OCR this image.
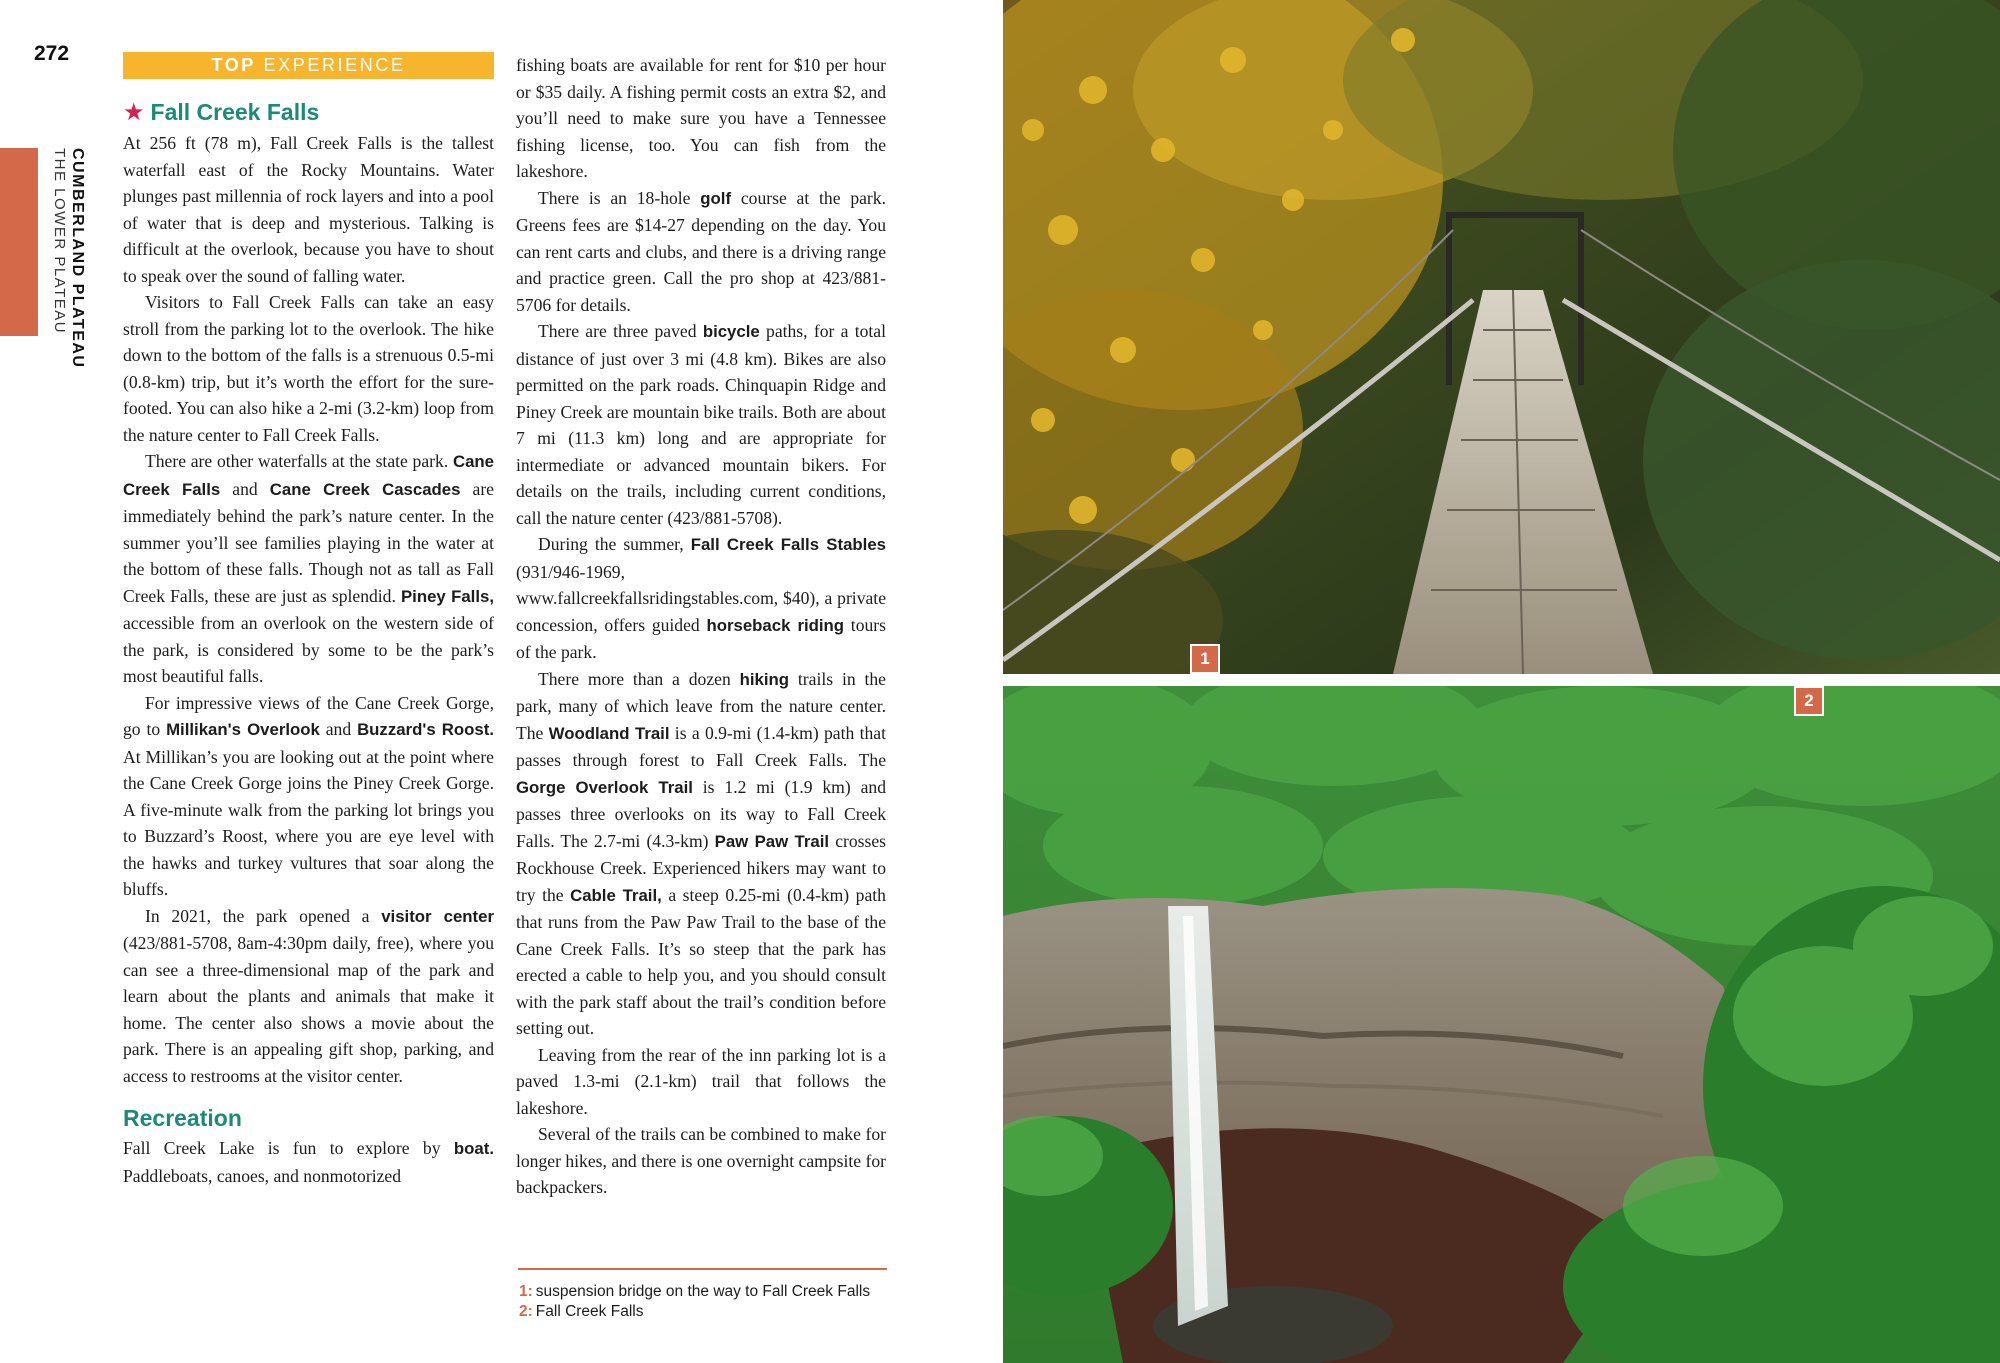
272
CUMBERLAND PLATEAU THE LOWER PLATEAU
TOP EXPERIENCE
★ Fall Creek Falls

At 256 ft (78 m), Fall Creek Falls is the tallest waterfall east of the Rocky Mountains. Water plunges past millennia of rock layers and into a pool of water that is deep and mysterious. Talking is difficult at the overlook, because you have to shout to speak over the sound of falling water.

Visitors to Fall Creek Falls can take an easy stroll from the parking lot to the overlook. The hike down to the bottom of the falls is a strenuous 0.5-mi (0.8-km) trip, but it’s worth the effort for the sure-footed. You can also hike a 2-mi (3.2-km) loop from the nature center to Fall Creek Falls.

There are other waterfalls at the state park. Cane Creek Falls and Cane Creek Cascades are immediately behind the park’s nature center. In the summer you’ll see families playing in the water at the bottom of these falls. Though not as tall as Fall Creek Falls, these are just as splendid. Piney Falls, accessible from an overlook on the western side of the park, is considered by some to be the park’s most beautiful falls.

For impressive views of the Cane Creek Gorge, go to Millikan's Overlook and Buzzard's Roost. At Millikan’s you are looking out at the point where the Cane Creek Gorge joins the Piney Creek Gorge. A five-minute walk from the parking lot brings you to Buzzard’s Roost, where you are eye level with the hawks and turkey vultures that soar along the bluffs.

In 2021, the park opened a visitor center (423/881-5708, 8am-4:30pm daily, free), where you can see a three-dimensional map of the park and learn about the plants and animals that make it home. The center also shows a movie about the park. There is an appealing gift shop, parking, and access to restrooms at the visitor center.

Recreation

Fall Creek Lake is fun to explore by boat. Paddleboats, canoes, and nonmotorized

fishing boats are available for rent for $10 per hour or $35 daily. A fishing permit costs an extra $2, and you’ll need to make sure you have a Tennessee fishing license, too. You can fish from the lakeshore.

There is an 18-hole golf course at the park. Greens fees are $14-27 depending on the day. You can rent carts and clubs, and there is a driving range and practice green. Call the pro shop at 423/881-5706 for details.

There are three paved bicycle paths, for a total distance of just over 3 mi (4.8 km). Bikes are also permitted on the park roads. Chinquapin Ridge and Piney Creek are mountain bike trails. Both are about 7 mi (11.3 km) long and are appropriate for intermediate or advanced mountain bikers. For details on the trails, including current conditions, call the nature center (423/881-5708).

During the summer, Fall Creek Falls Stables (931/946-1969, www.fallcreekfallsridingstables.com, $40), a private concession, offers guided horseback riding tours of the park.

There more than a dozen hiking trails in the park, many of which leave from the nature center. The Woodland Trail is a 0.9-mi (1.4-km) path that passes through forest to Fall Creek Falls. The Gorge Overlook Trail is 1.2 mi (1.9 km) and passes three overlooks on its way to Fall Creek Falls. The 2.7-mi (4.3-km) Paw Paw Trail crosses Rockhouse Creek. Experienced hikers may want to try the Cable Trail, a steep 0.25-mi (0.4-km) path that runs from the Paw Paw Trail to the base of the Cane Creek Falls. It’s so steep that the park has erected a cable to help you, and you should consult with the park staff about the trail’s condition before setting out.

Leaving from the rear of the inn parking lot is a paved 1.3-mi (2.1-km) trail that follows the lakeshore.

Several of the trails can be combined to make for longer hikes, and there is one overnight campsite for backpackers.

1: suspension bridge on the way to Fall Creek Falls
2: Fall Creek Falls
1
2
